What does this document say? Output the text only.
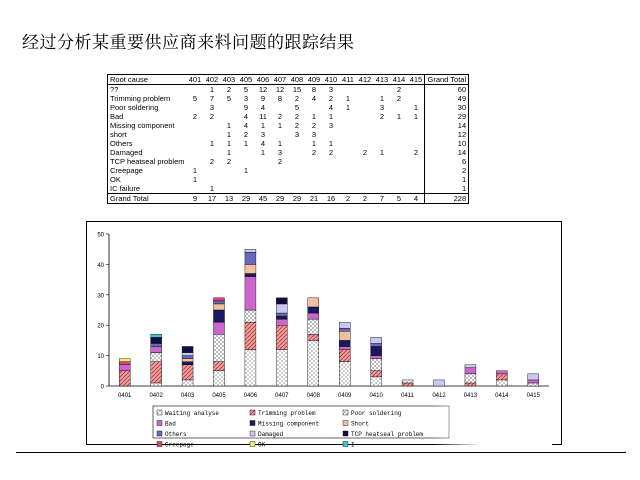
经过分析某重要供应商来料问题的跟踪结果
Root cause	401	402	403	405	406	407	408	409	410	411	412	413	414	415	Grand Total
??		1	2	5	12	12	15	8	3				2		60
Trimming problem	5	7	5	3	9	8	2	4	2	1		1	2		49
Poor soldering		3		9	4		5		4	1		3		1	30
Bad	2	2		4	11	2	2	1	1			2	1	1	29
Missing component			1	4	1	1	2	2	3						14
short			1	2	3		3	3							12
Others		1	1	1	4	1		1	1						10
Damaged			1		1	3		2	2		2	1		2	14
TCP heatseal problem		2	2			2									6
Creepage	1			1											2
OK	1														1
IC failure		1													1
Grand Total	9	17	13	29	45	29	29	21	16	2	2	7	5	4	228
0
10
20
30
40
50
0401	0402	0403	0405	0406	0407	0408	0409	0410	0411	0412	0413	0414	0415
Waiting analyse	Trimming problem	Poor soldering
Bad	Missing component	Short
Others	Damaged	TCP heatseal problem
Creepage	OK	I
